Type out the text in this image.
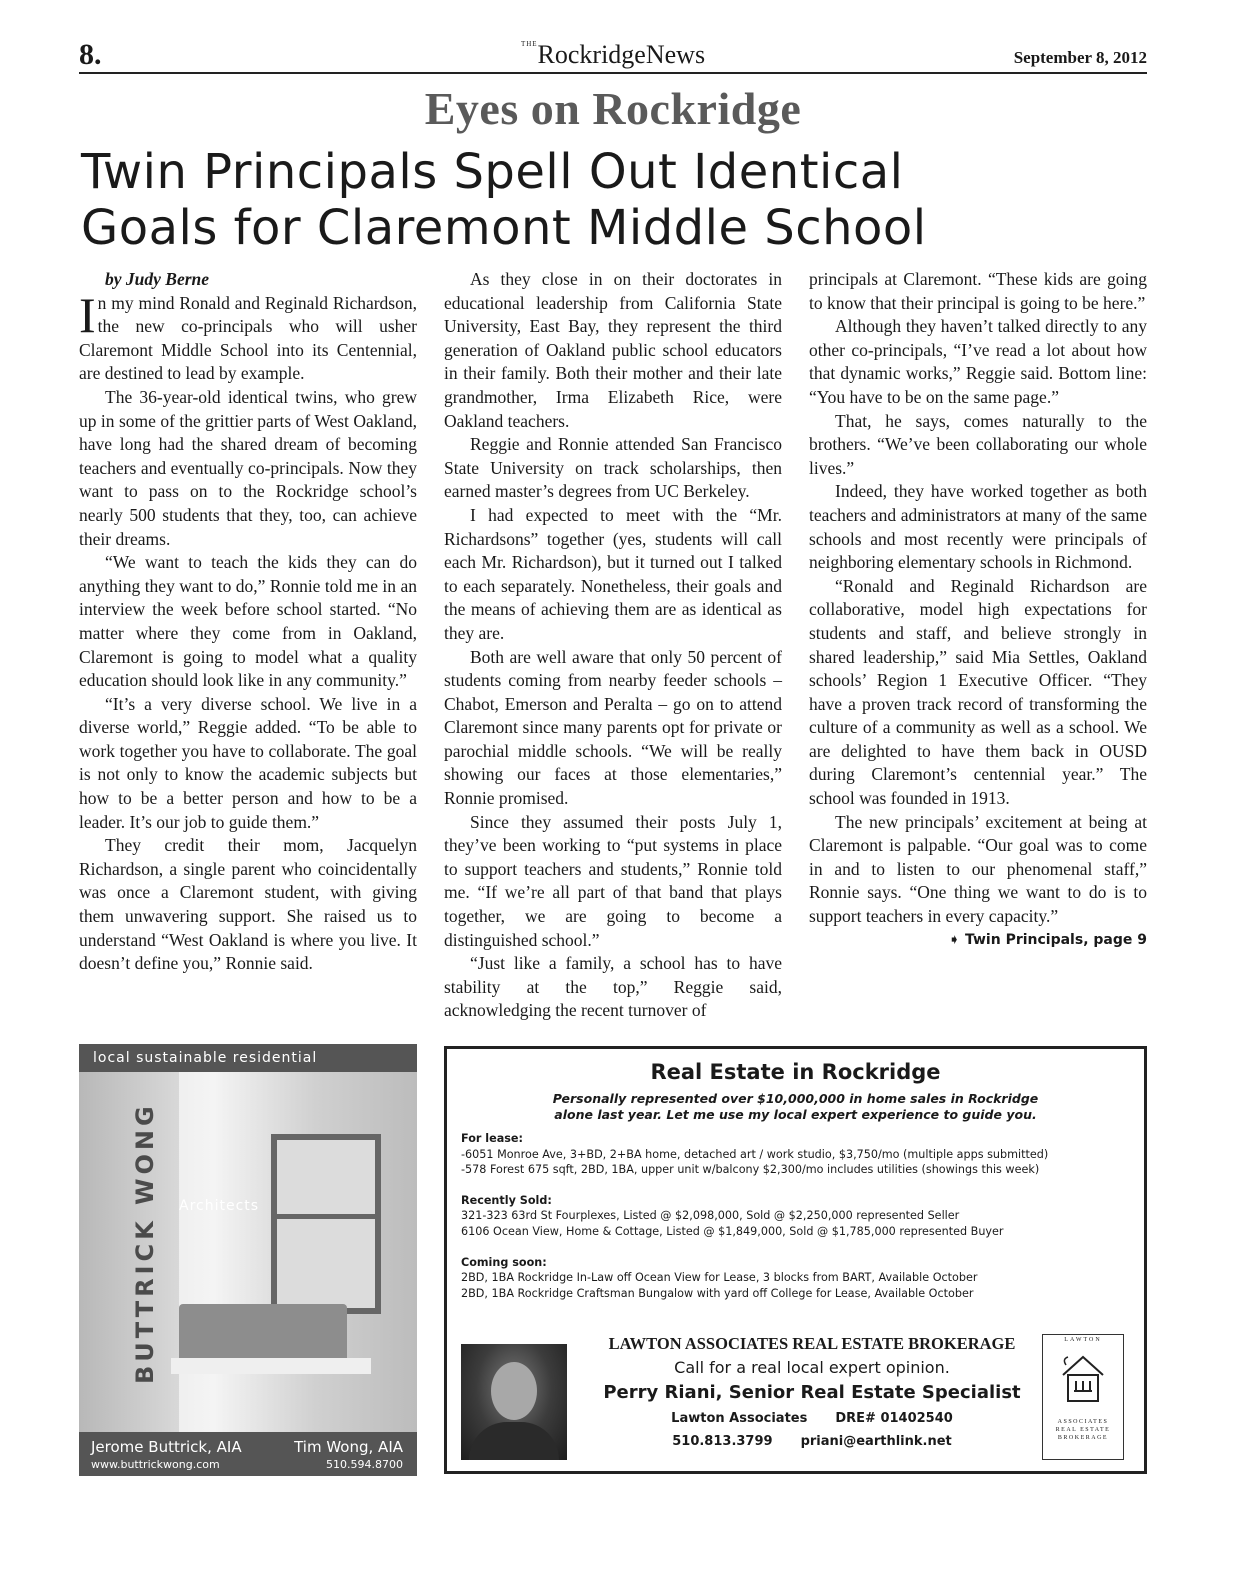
8.	$^{THE}$RockridgeNews	September 8, 2012
Eyes on Rockridge
Twin Principals Spell Out Identical
Goals for Claremont Middle School

by Judy Berne

In my mind Ronald and Reginald Richardson, the new co-principals who will usher Claremont Middle School into its Centennial, are destined to lead by example.

The 36-year-old identical twins, who grew up in some of the grittier parts of West Oakland, have long had the shared dream of becoming teachers and eventually co-principals. Now they want to pass on to the Rockridge school’s nearly 500 students that they, too, can achieve their dreams.

“We want to teach the kids they can do anything they want to do,” Ronnie told me in an interview the week before school started. “No matter where they come from in Oakland, Claremont is going to model what a quality education should look like in any community.”

“It’s a very diverse school. We live in a diverse world,” Reggie added. “To be able to work together you have to collaborate. The goal is not only to know the academic subjects but how to be a better person and how to be a leader. It’s our job to guide them.”

They credit their mom, Jacquelyn Richardson, a single parent who coincidentally was once a Claremont student, with giving them unwavering support. She raised us to understand “West Oakland is where you live. It doesn’t define you,” Ronnie said.

As they close in on their doctorates in educational leadership from California State University, East Bay, they represent the third generation of Oakland public school educators in their family. Both their mother and their late grandmother, Irma Elizabeth Rice, were Oakland teachers.

Reggie and Ronnie attended San Francisco State University on track scholarships, then earned master’s degrees from UC Berkeley.

I had expected to meet with the “Mr. Richardsons” together (yes, students will call each Mr. Richardson), but it turned out I talked to each separately. Nonetheless, their goals and the means of achieving them are as identical as they are.

Both are well aware that only 50 percent of students coming from nearby feeder schools – Chabot, Emerson and Peralta – go on to attend Claremont since many parents opt for private or parochial middle schools. “We will be really showing our faces at those elementaries,” Ronnie promised.

Since they assumed their posts July 1, they’ve been working to “put systems in place to support teachers and students,” Ronnie told me. “If we’re all part of that band that plays together, we are going to become a distinguished school.”

“Just like a family, a school has to have stability at the top,” Reggie said, acknowledging the recent turnover of

principals at Claremont. “These kids are going to know that their principal is going to be here.”

Although they haven’t talked directly to any other co-principals, “I’ve read a lot about how that dynamic works,” Reggie said. Bottom line: “You have to be on the same page.”

That, he says, comes naturally to the brothers. “We’ve been collaborating our whole lives.”

Indeed, they have worked together as both teachers and administrators at many of the same schools and most recently were principals of neighboring elementary schools in Richmond.

“Ronald and Reginald Richardson are collaborative, model high expectations for students and staff, and believe strongly in shared leadership,” said Mia Settles, Oakland schools’ Region 1 Executive Officer. “They have a proven track record of transforming the culture of a community as well as a school. We are delighted to have them back in OUSD during Claremont’s centennial year.” The school was founded in 1913.

The new principals’ excitement at being at Claremont is palpable. “Our goal was to come in and to listen to our phenomenal staff,” Ronnie says. “One thing we want to do is to support teachers in every capacity.”

➧ Twin Principals, page 9
local sustainable residential
BUTTRICK WONG Architects
Jerome Buttrick, AIA	Tim Wong, AIA
www.buttrickwong.com	510.594.8700
Real Estate in Rockridge
Personally represented over $10,000,000 in home sales in Rockridge
alone last year. Let me use my local expert experience to guide you.

For lease:

-6051 Monroe Ave, 3+BD, 2+BA home, detached art / work studio, $3,750/mo (multiple apps submitted)

-578 Forest 675 sqft, 2BD, 1BA, upper unit w/balcony $2,300/mo includes utilities (showings this week)

Recently Sold:

321-323 63rd St Fourplexes, Listed @ $2,098,000, Sold @ $2,250,000 represented Seller

6106 Ocean View, Home & Cottage, Listed @ $1,849,000, Sold @ $1,785,000 represented Buyer

Coming soon:

2BD, 1BA Rockridge In-Law off Ocean View for Lease, 3 blocks from BART, Available October

2BD, 1BA Rockridge Craftsman Bungalow with yard off College for Lease, Available October

LAWTON ASSOCIATES REAL ESTATE BROKERAGE
Call for a real local expert opinion.
Perry Riani, Senior Real Estate Specialist
Lawton Associates DRE# 01402540
510.813.3799 priani@earthlink.net
LAWTON
ASSOCIATES
REAL ESTATE
BROKERAGE
